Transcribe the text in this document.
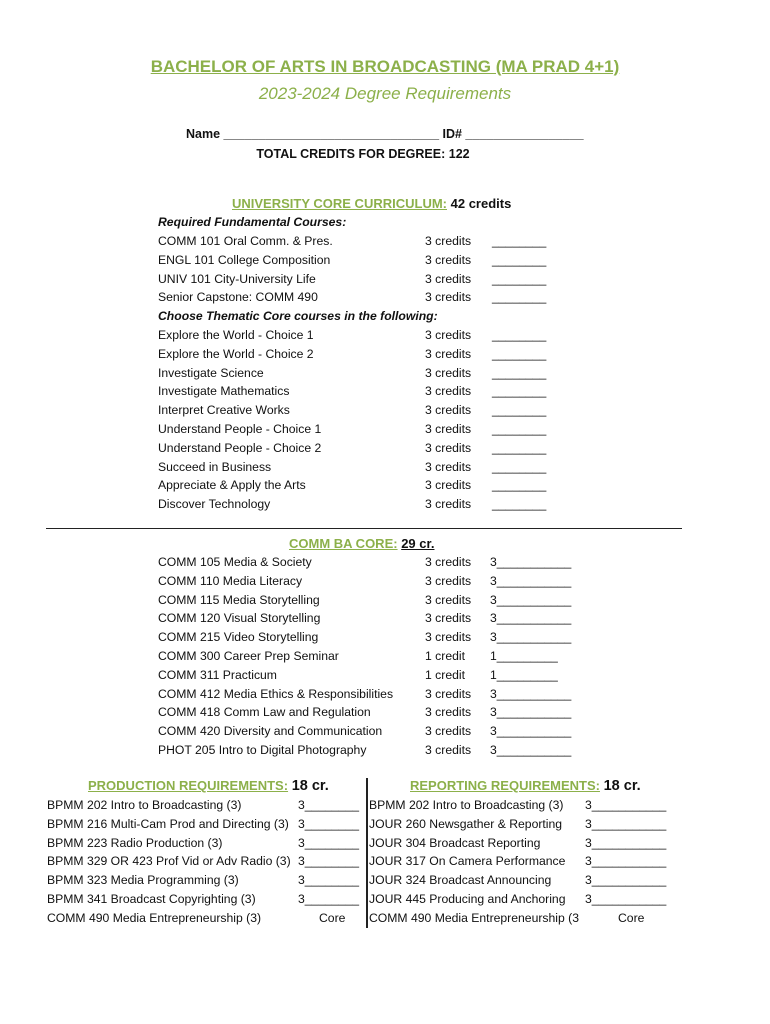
BACHELOR OF ARTS IN BROADCASTING (MA PRAD 4+1)
2023-2024 Degree Requirements
Name _______________________________ ID# _________________
TOTAL CREDITS FOR DEGREE: 122
UNIVERSITY CORE CURRICULUM: 42 credits
Required Fundamental Courses:
COMM 101 Oral Comm. & Pres.	3 credits ________
ENGL 101 College Composition	3 credits ________
UNIV 101 City-University Life	3 credits ________
Senior Capstone: COMM 490	3 credits ________
Choose Thematic Core courses in the following:
Explore the World - Choice 1	3 credits ________
Explore the World - Choice 2	3 credits ________
Investigate Science	3 credits ________
Investigate Mathematics	3 credits ________
Interpret Creative Works	3 credits ________
Understand People - Choice 1	3 credits ________
Understand People - Choice 2	3 credits ________
Succeed in Business	3 credits ________
Appreciate & Apply the Arts	3 credits ________
Discover Technology	3 credits ________
COMM BA CORE: 29 cr.
COMM 105 Media & Society	3 credits 3___________
COMM 110 Media Literacy	3 credits 3___________
COMM 115 Media Storytelling	3 credits 3___________
COMM 120 Visual Storytelling	3 credits 3___________
COMM 215 Video Storytelling	3 credits 3___________
COMM 300 Career Prep Seminar	1 credit 1_________
COMM 311 Practicum	1 credit 1_________
COMM 412 Media Ethics & Responsibilities	3 credits 3___________
COMM 418 Comm Law and Regulation	3 credits 3___________
COMM 420 Diversity and Communication	3 credits 3___________
PHOT 205 Intro to Digital Photography	3 credits 3___________
PRODUCTION REQUIREMENTS: 18 cr.	REPORTING REQUIREMENTS: 18 cr.
BPMM 202 Intro to Broadcasting (3)	3________
BPMM 216 Multi-Cam Prod and Directing (3) 3________
BPMM 223 Radio Production (3)	3________
BPMM 329 OR 423 Prof Vid or Adv Radio (3) 3________
BPMM 323 Media Programming (3)	3________
BPMM 341 Broadcast Copyrighting (3)	3________
COMM 490 Media Entrepreneurship (3)	Core
BPMM 202 Intro to Broadcasting (3) 3___________
JOUR 260 Newsgather & Reporting 3___________
JOUR 304 Broadcast Reporting	3___________
JOUR 317 On Camera Performance 3___________
JOUR 324 Broadcast Announcing	3___________
JOUR 445 Producing and Anchoring 3___________
COMM 490 Media Entrepreneurship (3	Core
